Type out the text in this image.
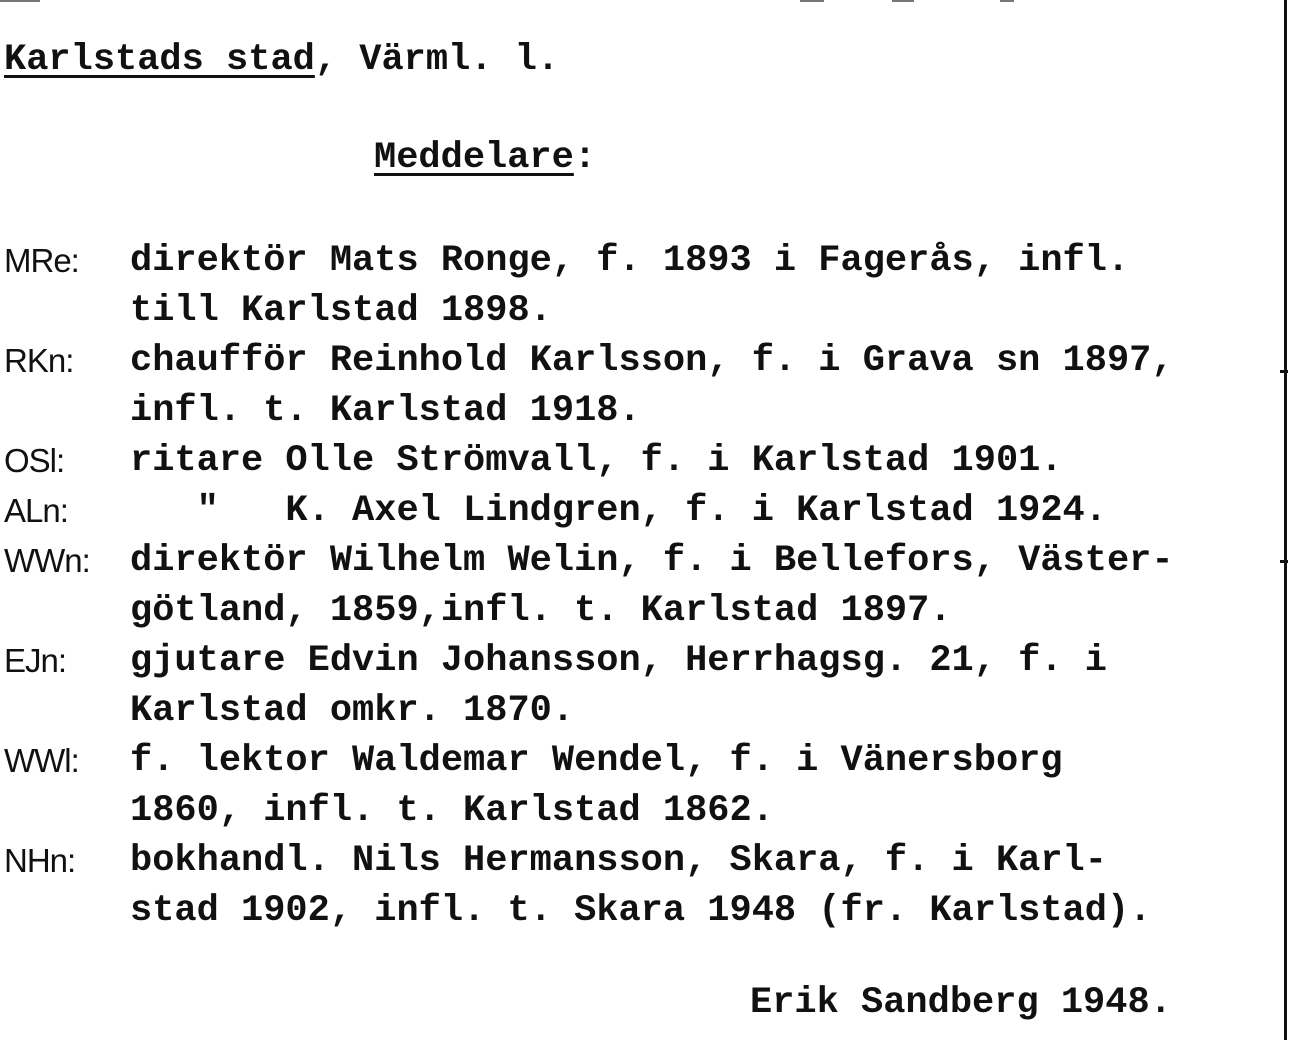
Karlstads stad, Värml. l.
Meddelare:
MRe:	direktör Mats Ronge, f. 1893 i Fagerås, infl.
till Karlstad 1898.
RKn:	chaufför Reinhold Karlsson, f. i Grava sn 1897,
infl. t. Karlstad 1918.
OSl:	ritare Olle Strömvall, f. i Karlstad 1901.
ALn:	"   K. Axel Lindgren, f. i Karlstad 1924.
WWn:	direktör Wilhelm Welin, f. i Bellefors, Väster-
götland, 1859,infl. t. Karlstad 1897.
EJn:	gjutare Edvin Johansson, Herrhagsg. 21, f. i
Karlstad omkr. 1870.
WWl:	f. lektor Waldemar Wendel, f. i Vänersborg
1860, infl. t. Karlstad 1862.
NHn:	bokhandl. Nils Hermansson, Skara, f. i Karl-
stad 1902, infl. t. Skara 1948 (fr. Karlstad).
Erik Sandberg 1948.
